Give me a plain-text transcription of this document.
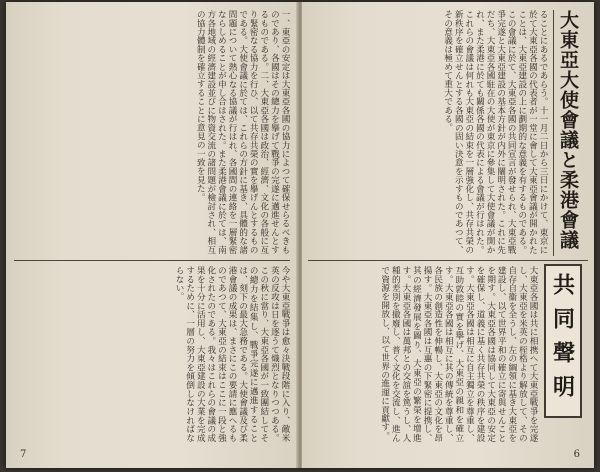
一、東亞の安定は大東亞各國の協力によつて確保せらるべきものであり、各國はその總力を擧げて戰爭の完遂に邁進せんとするものである。二、大東亞各國は政治、經濟、文化の各般に亙り緊密なる協力を行ひ、以て共存共榮の實を擧げんとするものである。大使會議に於ては、これらの方針に基き、具體的な諸問題について熱心なる協議が行はれ、各國間の連絡を一層緊密ならしめることが申し合はされた。また柔港會議に於ては、南方各地域の經濟建設並びに物資交流の諸問題が檢討され、相互の協力體制を確立することに意見の一致を見た。
今や大東亞戰爭は愈々決戰段階に入り、敵米英の反攻は日を逐うて熾烈となりつつある。この秋に當り、大東亞各國が一致團結してその總力を結集し、戰爭完遂に邁進することは、刻下の最大急務である。大使會議及び柔港會議の成果は、まさにこの要請に應へるものであつて、大東亞の結束はここに一段と強化されたのである。我々はこれらの會議の成果を十分に活用し、大東亞建設の大業を完成するために、一層の努力を傾倒しなければならない。
7
大東亞大使會議と柔港會議
ることにあるであらう。十一月二日から三日にかけて、東京に於て大東亞各國の代表者が一堂に會して大東亞會議が開かれたことは、大東亞建設の上に劃期的な意義を有するものである。この會議に於て、大東亞各國の共同宣言が發せられ、大東亞戰爭完遂と大東亞建設の基本方針が内外に闡明された。これに先だち、大東亞各國駐在の大使が東京に參集して大使會議が開かれ、また柔港に於ても關係各國の代表による會議が行はれた。これらの會議は何れも大東亞の結束を一層強化し、共存共榮の新秩序を確立せんとする各國の固い決意を示すものであつて、その意義は極めて重大である。
大東亞各國は共に相携へて大東亞戰爭を完遂し、大東亞を米英の桎梏より解放して、その自存自衞を全うし、左の綱領に基き大東亞を建設し、以て世界平和の確立に寄與せんことを期す。大東亞各國は協同して大東亞の安定を確保し、道義に基く共存共榮の秩序を建設す。大東亞各國は相互に自主獨立を尊重し、互助敦睦の實を擧げ、大東亞の親和を確立す。大東亞各國は相互に其の傳統を尊重し、各民族の創造性を伸暢し、大東亞の文化を昂揚す。大東亞各國は互惠の下緊密に提携し、其の經濟發展を圖り、大東亞の繁榮を增進す。大東亞各國は萬邦との交誼を篤うし、人種的差別を撤廢し、普く文化を交流し、進んで資源を開放し、以て世界の進運に貢獻す。	共同聲明
6
